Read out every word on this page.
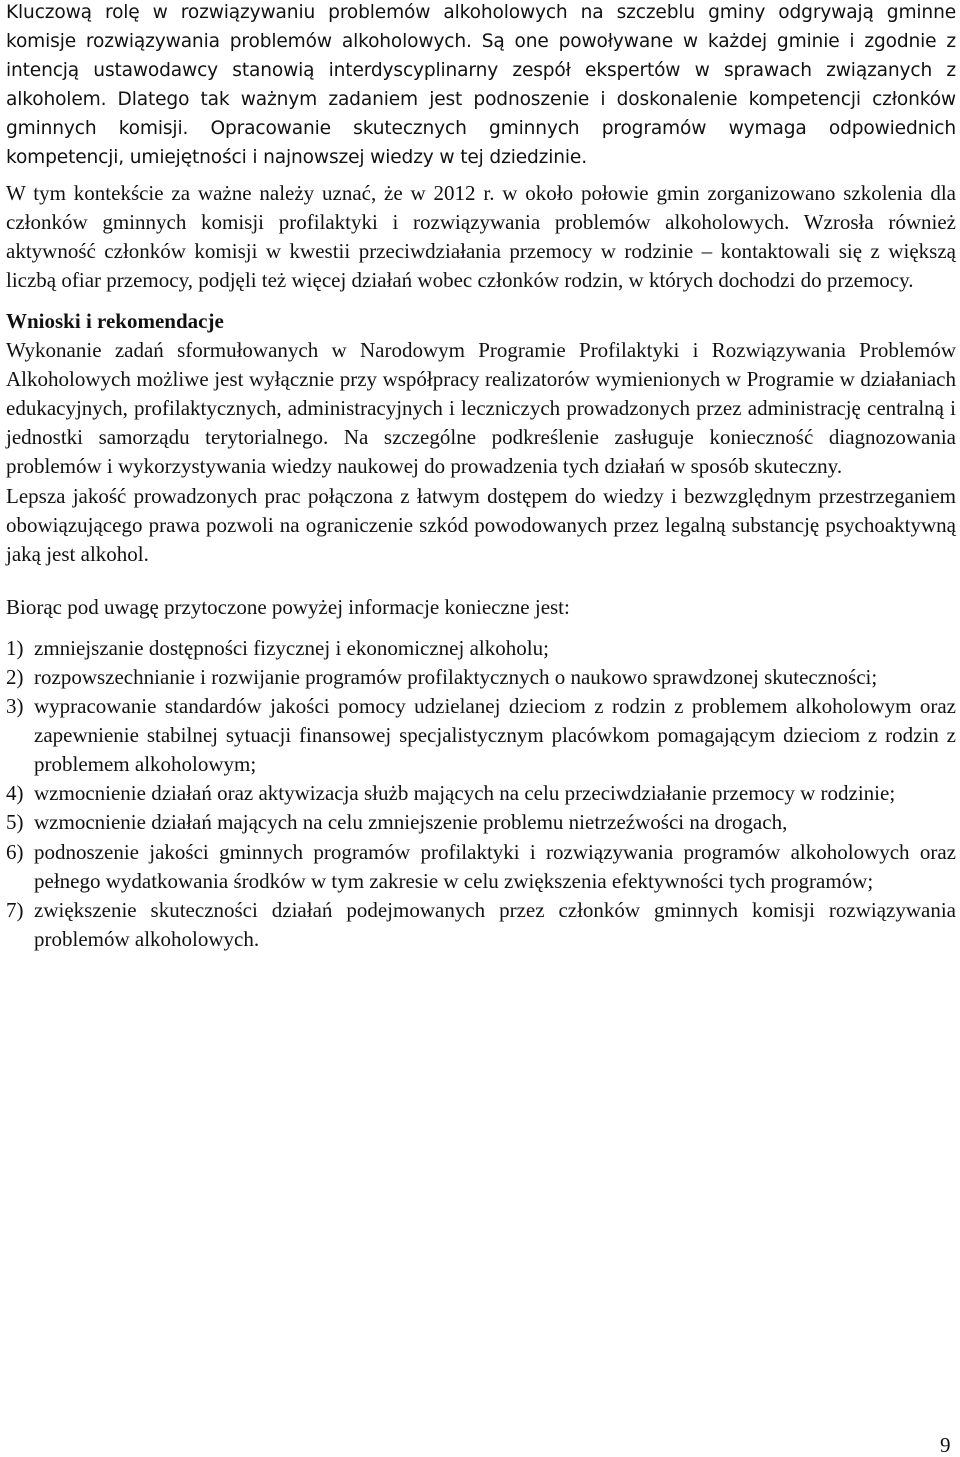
Kluczową rolę w rozwiązywaniu problemów alkoholowych na szczeblu gminy odgrywają gminne komisje rozwiązywania problemów alkoholowych. Są one powoływane w każdej gminie i zgodnie z intencją ustawodawcy stanowią interdyscyplinarny zespół ekspertów w sprawach związanych z alkoholem. Dlatego tak ważnym zadaniem jest podnoszenie i doskonalenie kompetencji członków gminnych komisji. Opracowanie skutecznych gminnych programów wymaga odpowiednich kompetencji, umiejętności i najnowszej wiedzy w tej dziedzinie.

W tym kontekście za ważne należy uznać, że w 2012 r. w około połowie gmin zorganizowano szkolenia dla członków gminnych komisji profilaktyki i rozwiązywania problemów alkoholowych. Wzrosła również aktywność członków komisji w kwestii przeciwdziałania przemocy w rodzinie – kontaktowali się z większą liczbą ofiar przemocy, podjęli też więcej działań wobec członków rodzin, w których dochodzi do przemocy.

Wnioski i rekomendacje

Wykonanie zadań sformułowanych w Narodowym Programie Profilaktyki i Rozwiązywania Problemów Alkoholowych możliwe jest wyłącznie przy współpracy realizatorów wymienionych w Programie w działaniach edukacyjnych, profilaktycznych, administracyjnych i leczniczych prowadzonych przez administrację centralną i jednostki samorządu terytorialnego. Na szczególne podkreślenie zasługuje konieczność diagnozowania problemów i wykorzystywania wiedzy naukowej do prowadzenia tych działań w sposób skuteczny.

Lepsza jakość prowadzonych prac połączona z łatwym dostępem do wiedzy i bezwzględnym przestrzeganiem obowiązującego prawa pozwoli na ograniczenie szkód powodowanych przez legalną substancję psychoaktywną jaką jest alkohol.

Biorąc pod uwagę przytoczone powyżej informacje konieczne jest:

1) zmniejszanie dostępności fizycznej i ekonomicznej alkoholu;
2) rozpowszechnianie i rozwijanie programów profilaktycznych o naukowo sprawdzonej skuteczności;
3) wypracowanie standardów jakości pomocy udzielanej dzieciom z rodzin z problemem alkoholowym oraz zapewnienie stabilnej sytuacji finansowej specjalistycznym placówkom pomagającym dzieciom z rodzin z problemem alkoholowym;
4) wzmocnienie działań oraz aktywizacja służb mających na celu przeciwdziałanie przemocy w rodzinie;
5) wzmocnienie działań mających na celu zmniejszenie problemu nietrzeźwości na drogach,
6) podnoszenie jakości gminnych programów profilaktyki i rozwiązywania programów alkoholowych oraz pełnego wydatkowania środków w tym zakresie w celu zwiększenia efektywności tych programów;
7) zwiększenie skuteczności działań podejmowanych przez członków gminnych komisji rozwiązywania problemów alkoholowych.
9
